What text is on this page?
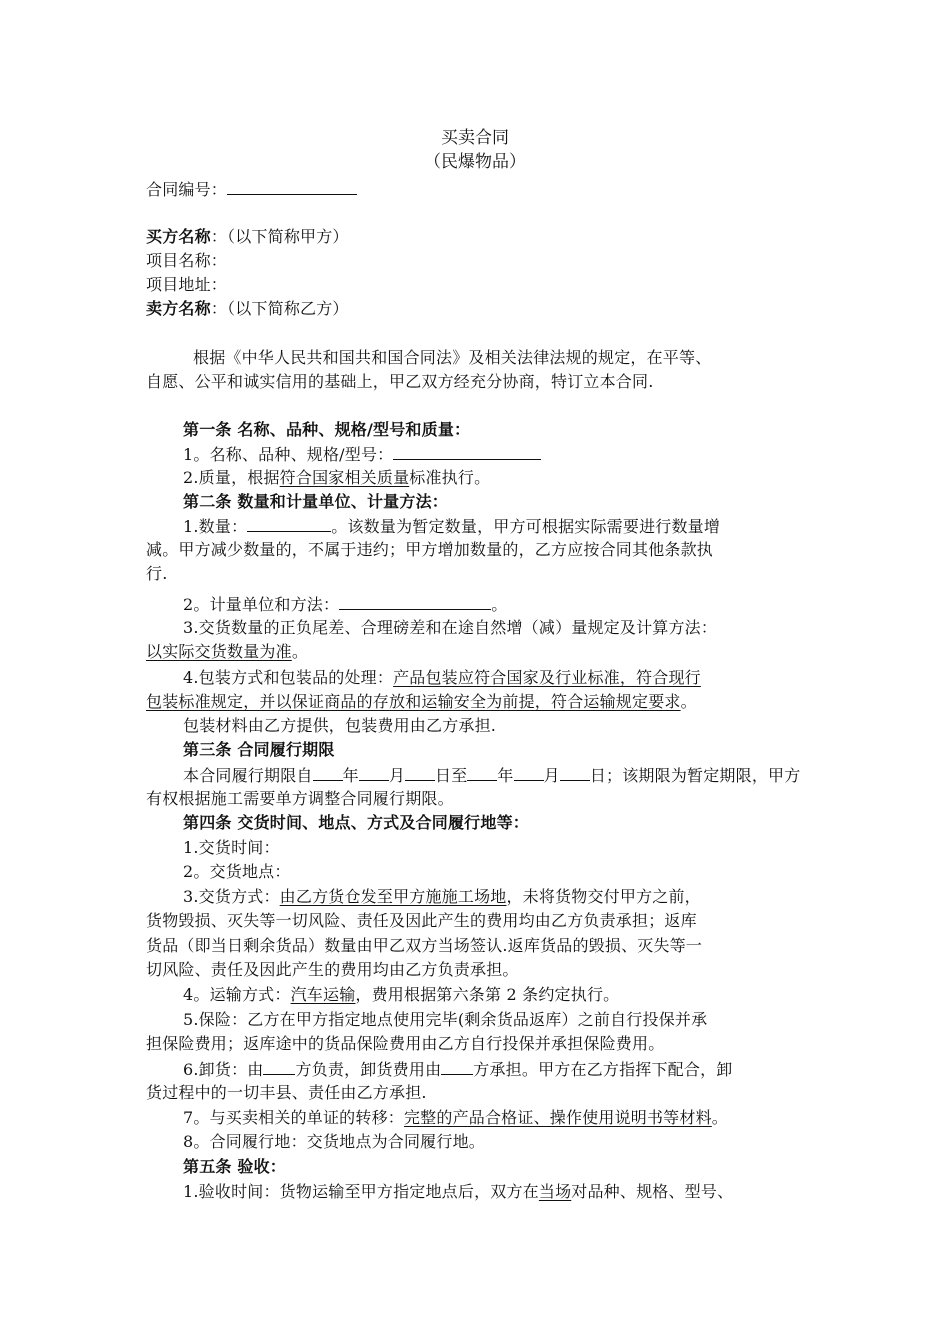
买卖合同
（民爆物品）
合同编号：
买方名称：（以下简称甲方）
项目名称：
项目地址：
卖方名称：（以下简称乙方）
根据《中华人民共和国共和国合同法》及相关法律法规的规定，在平等、
自愿、公平和诚实信用的基础上，甲乙双方经充分协商，特订立本合同.
第一条 名称、品种、规格/型号和质量：
1。名称、品种、规格/型号：
2.质量，根据符合国家相关质量标准执行。
第二条 数量和计量单位、计量方法：
1.数量：	。该数量为暂定数量，甲方可根据实际需要进行数量增
减。甲方减少数量的，不属于违约；甲方增加数量的，乙方应按合同其他条款执
行.
2。计量单位和方法：	。
3.交货数量的正负尾差、合理磅差和在途自然增（减）量规定及计算方法：
以实际交货数量为准。
4.包装方式和包装品的处理：产品包装应符合国家及行业标准，符合现行
包装标准规定，并以保证商品的存放和运输安全为前提，符合运输规定要求。
包装材料由乙方提供，包装费用由乙方承担.
第三条 合同履行期限
本合同履行期限自 年 月 日至 年 月 日；该期限为暂定期限，甲方
有权根据施工需要单方调整合同履行期限。
第四条 交货时间、地点、方式及合同履行地等：
1.交货时间：
2。交货地点：
3.交货方式：由乙方货仓发至甲方施施工场地，未将货物交付甲方之前，
货物毁损、灭失等一切风险、责任及因此产生的费用均由乙方负责承担；返库
货品（即当日剩余货品）数量由甲乙双方当场签认.返库货品的毁损、灭失等一
切风险、责任及因此产生的费用均由乙方负责承担。
4。运输方式：汽车运输，费用根据第六条第 2 条约定执行。
5.保险：乙方在甲方指定地点使用完毕(剩余货品返库）之前自行投保并承
担保险费用；返库途中的货品保险费用由乙方自行投保并承担保险费用。
6.卸货：由 方负责，卸货费用由 方承担。甲方在乙方指挥下配合，卸
货过程中的一切丰县、责任由乙方承担.
7。与买卖相关的单证的转移：完整的产品合格证、操作使用说明书等材料。
8。合同履行地：交货地点为合同履行地。
第五条 验收：
1.验收时间：货物运输至甲方指定地点后，双方在当场对品种、规格、型号、
